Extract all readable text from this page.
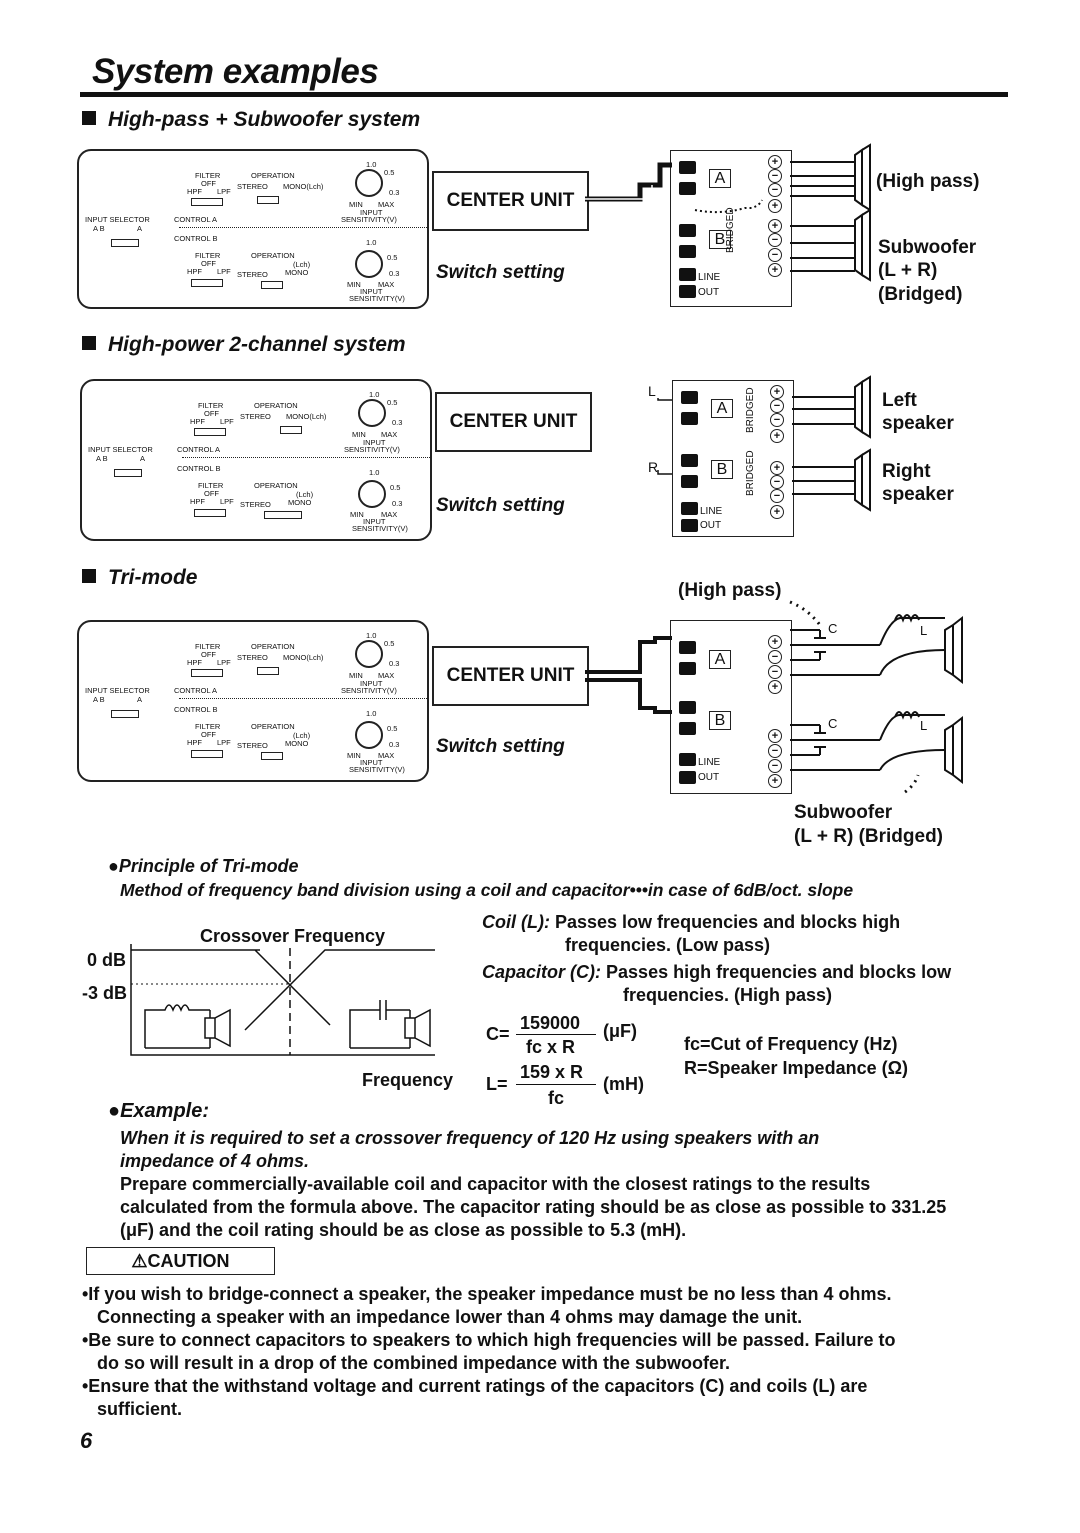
System examples
High-pass + Subwoofer system
FILTER	OPERATION
OFF
HPF LPF
STEREO MONO(Lch)
1.0
0.5
0.3
MIN MAX
INPUT
SENSITIVITY(V)
INPUT SELECTOR
A B	A
CONTROL A
CONTROL B
FILTER	OPERATION
OFF
HPF LPF
(Lch)
STEREO MONO
1.0
0.5
0.3
MIN MAX
INPUT
SENSITIVITY(V)
CENTER UNIT
Switch setting
A
B
LINE
OUT
BRIDGED
+
−
−
+
+
−
−
+
(High pass)
Subwoofer
(L + R)
(Bridged)
High-power 2-channel system
FILTER	OPERATION
OFF
HPF LPF
STEREO MONO(Lch)
1.0
0.5
0.3
MIN MAX
INPUT
SENSITIVITY(V)
INPUT SELECTOR
A B	A
CONTROL A
CONTROL B
FILTER	OPERATION
OFF
HPF LPF
(Lch)
STEREO MONO
1.0
0.5
0.3
MIN MAX
INPUT
SENSITIVITY(V)
CENTER UNIT
Switch setting
A
B
LINE
OUT
BRIDGED
BRIDGED
+
−
−
+
+
−
−
+
L
R
Left
speaker
Right
speaker
Tri-mode
FILTER	OPERATION
OFF
HPF LPF
STEREO MONO(Lch)
1.0
0.5
0.3
MIN MAX
INPUT
SENSITIVITY(V)
INPUT SELECTOR
A B	A
CONTROL A
CONTROL B
FILTER	OPERATION
OFF
HPF LPF
(Lch)
STEREO MONO
1.0
0.5
0.3
MIN MAX
INPUT
SENSITIVITY(V)
CENTER UNIT
Switch setting
A
B
LINE
OUT
+
−
−
+
+
−
−
+
(High pass)
C	L
C	L
Subwoofer
(L + R) (Bridged)
●Principle of Tri-mode
Method of frequency band division using a coil and capacitor•••in case of 6dB/oct. slope
Crossover Frequency
0 dB
-3 dB
Frequency
Coil (L): Passes low frequencies and blocks high
frequencies. (Low pass)
Capacitor (C): Passes high frequencies and blocks low
frequencies. (High pass)
C=
159000
fc x R
(μF)
L=
159 x R
fc
(mH)
fc=Cut of Frequency (Hz)
R=Speaker Impedance (Ω)
●Example:
When it is required to set a crossover frequency of 120 Hz using speakers with an
impedance of 4 ohms.
Prepare commercially-available coil and capacitor with the closest ratings to the results
calculated from the formula above. The capacitor rating should be as close as possible to 331.25
(μF) and the coil rating should be as close as possible to 5.3 (mH).
⚠CAUTION
•If you wish to bridge-connect a speaker, the speaker impedance must be no less than 4 ohms.
Connecting a speaker with an impedance lower than 4 ohms may damage the unit.
•Be sure to connect capacitors to speakers to which high frequencies will be passed. Failure to
do so will result in a drop of the combined impedance with the subwoofer.
•Ensure that the withstand voltage and current ratings of the capacitors (C) and coils (L) are
sufficient.
6
